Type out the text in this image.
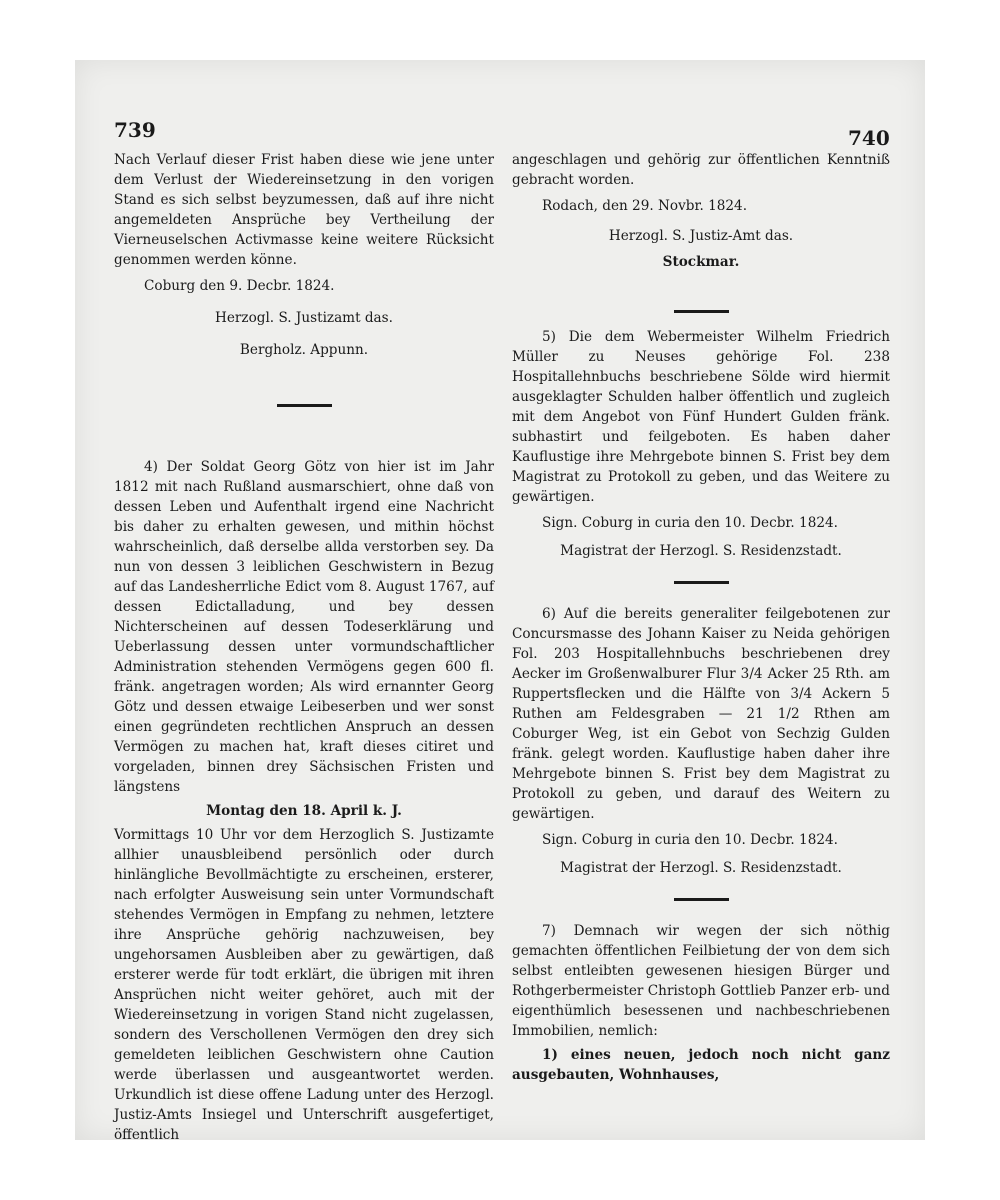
739	740

Nach Verlauf dieser Frist haben diese wie jene unter dem Verlust der Wiedereinsetzung in den vorigen Stand es sich selbst beyzumessen, daß auf ihre nicht angemeldeten Ansprüche bey Vertheilung der Vierneuselschen Activmasse keine weitere Rücksicht genommen werden könne.

Coburg den 9. Decbr. 1824.

Herzogl. S. Justizamt das.

Bergholz. Appunn.

4) Der Soldat Georg Götz von hier ist im Jahr 1812 mit nach Rußland ausmarschiert, ohne daß von dessen Leben und Aufenthalt irgend eine Nachricht bis daher zu erhalten gewesen, und mithin höchst wahrscheinlich, daß derselbe allda verstorben sey. Da nun von dessen 3 leiblichen Geschwistern in Bezug auf das Landesherrliche Edict vom 8. August 1767, auf dessen Edictalladung, und bey dessen Nichterscheinen auf dessen Todeserklärung und Ueberlassung dessen unter vormundschaftlicher Administration stehenden Vermögens gegen 600 fl. fränk. angetragen worden; Als wird ernannter Georg Götz und dessen etwaige Leibeserben und wer sonst einen gegründeten rechtlichen Anspruch an dessen Vermögen zu machen hat, kraft dieses citiret und vorgeladen, binnen drey Sächsischen Fristen und längstens

Montag den 18. April k. J.

Vormittags 10 Uhr vor dem Herzoglich S. Justizamte allhier unausbleibend persönlich oder durch hinlängliche Bevollmächtigte zu erscheinen, ersterer, nach erfolgter Ausweisung sein unter Vormundschaft stehendes Vermögen in Empfang zu nehmen, letztere ihre Ansprüche gehörig nachzuweisen, bey ungehorsamen Ausbleiben aber zu gewärtigen, daß ersterer werde für todt erklärt, die übrigen mit ihren Ansprüchen nicht weiter gehöret, auch mit der Wiedereinsetzung in vorigen Stand nicht zugelassen, sondern des Verschollenen Vermögen den drey sich gemeldeten leiblichen Geschwistern ohne Caution werde überlassen und ausgeantwortet werden. Urkundlich ist diese offene Ladung unter des Herzogl. Justiz-Amts Insiegel und Unterschrift ausgefertiget, öffentlich

angeschlagen und gehörig zur öffentlichen Kenntniß gebracht worden.

Rodach, den 29. Novbr. 1824.

Herzogl. S. Justiz-Amt das.

Stockmar.

5) Die dem Webermeister Wilhelm Friedrich Müller zu Neuses gehörige Fol. 238 Hospitallehnbuchs beschriebene Sölde wird hiermit ausgeklagter Schulden halber öffentlich und zugleich mit dem Angebot von Fünf Hundert Gulden fränk. subhastirt und feilgeboten. Es haben daher Kauflustige ihre Mehrgebote binnen S. Frist bey dem Magistrat zu Protokoll zu geben, und das Weitere zu gewärtigen.

Sign. Coburg in curia den 10. Decbr. 1824.

Magistrat der Herzogl. S. Residenzstadt.

6) Auf die bereits generaliter feilgebotenen zur Concursmasse des Johann Kaiser zu Neida gehörigen Fol. 203 Hospitallehnbuchs beschriebenen drey Aecker im Großenwalburer Flur 3/4 Acker 25 Rth. am Ruppertsflecken und die Hälfte von 3/4 Ackern 5 Ruthen am Feldesgraben — 21 1/2 Rthen am Coburger Weg, ist ein Gebot von Sechzig Gulden fränk. gelegt worden. Kauflustige haben daher ihre Mehrgebote binnen S. Frist bey dem Magistrat zu Protokoll zu geben, und darauf des Weitern zu gewärtigen.

Sign. Coburg in curia den 10. Decbr. 1824.

Magistrat der Herzogl. S. Residenzstadt.

7) Demnach wir wegen der sich nöthig gemachten öffentlichen Feilbietung der von dem sich selbst entleibten gewesenen hiesigen Bürger und Rothgerbermeister Christoph Gottlieb Panzer erb- und eigenthümlich besessenen und nachbeschriebenen Immobilien, nemlich:

1) eines neuen, jedoch noch nicht ganz ausgebauten, Wohnhauses,
